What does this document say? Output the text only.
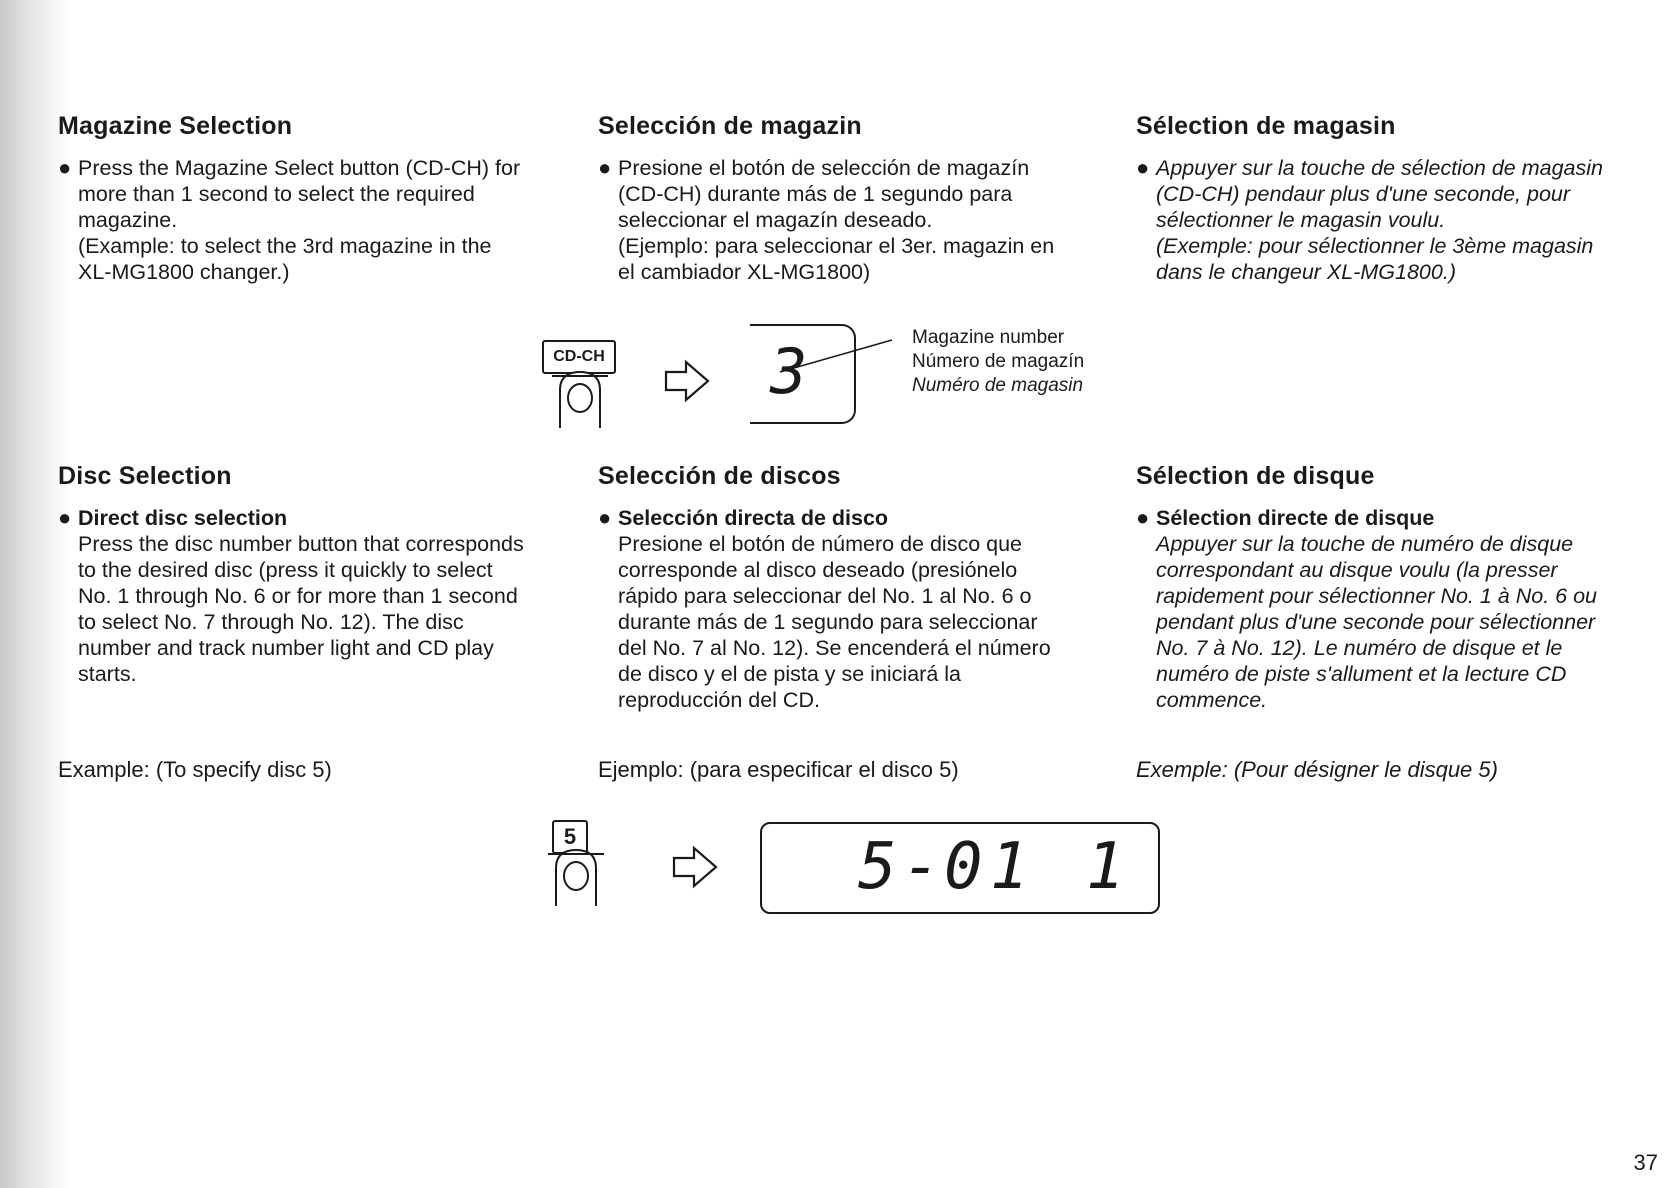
Magazine Selection
● Press the Magazine Select button (CD-CH) for

more than 1 second to select the required

magazine.

(Example: to select the 3rd magazine in the

XL-MG1800 changer.)

Selección de magazin
● Presione el botón de selección de magazín

(CD-CH) durante más de 1 segundo para

seleccionar el magazín deseado.

(Ejemplo: para seleccionar el 3er. magazin en

el cambiador XL-MG1800)

Sélection de magasin
● Appuyer sur la touche de sélection de magasin

(CD-CH) pendaur plus d'une seconde, pour

sélectionner le magasin voulu.

(Exemple: pour sélectionner le 3ème magasin

dans le changeur XL-MG1800.)

CD-CH	3	Magazine number
Número de magazín
Numéro de magasin
Disc Selection
● Direct disc selection
Press the disc number button that corresponds
to the desired disc (press it quickly to select
No. 1 through No. 6 or for more than 1 second
to select No. 7 through No. 12). The disc
number and track number light and CD play
starts.
Selección de discos
● Selección directa de disco
Presione el botón de número de disco que
corresponde al disco deseado (presiónelo
rápido para seleccionar del No. 1 al No. 6 o
durante más de 1 segundo para seleccionar
del No. 7 al No. 12). Se encenderá el número
de disco y el de pista y se iniciará la
reproducción del CD.
Sélection de disque
● Sélection directe de disque
Appuyer sur la touche de numéro de disque
correspondant au disque voulu (la presser
rapidement pour sélectionner No. 1 à No. 6 ou
pendant plus d'une seconde pour sélectionner
No. 7 à No. 12). Le numéro de disque et le
numéro de piste s'allument et la lecture CD
commence.
Example: (To specify disc 5)	Ejemplo: (para especificar el disco 5)	Exemple: (Pour désigner le disque 5)
5	5 - 0 1 1
37
